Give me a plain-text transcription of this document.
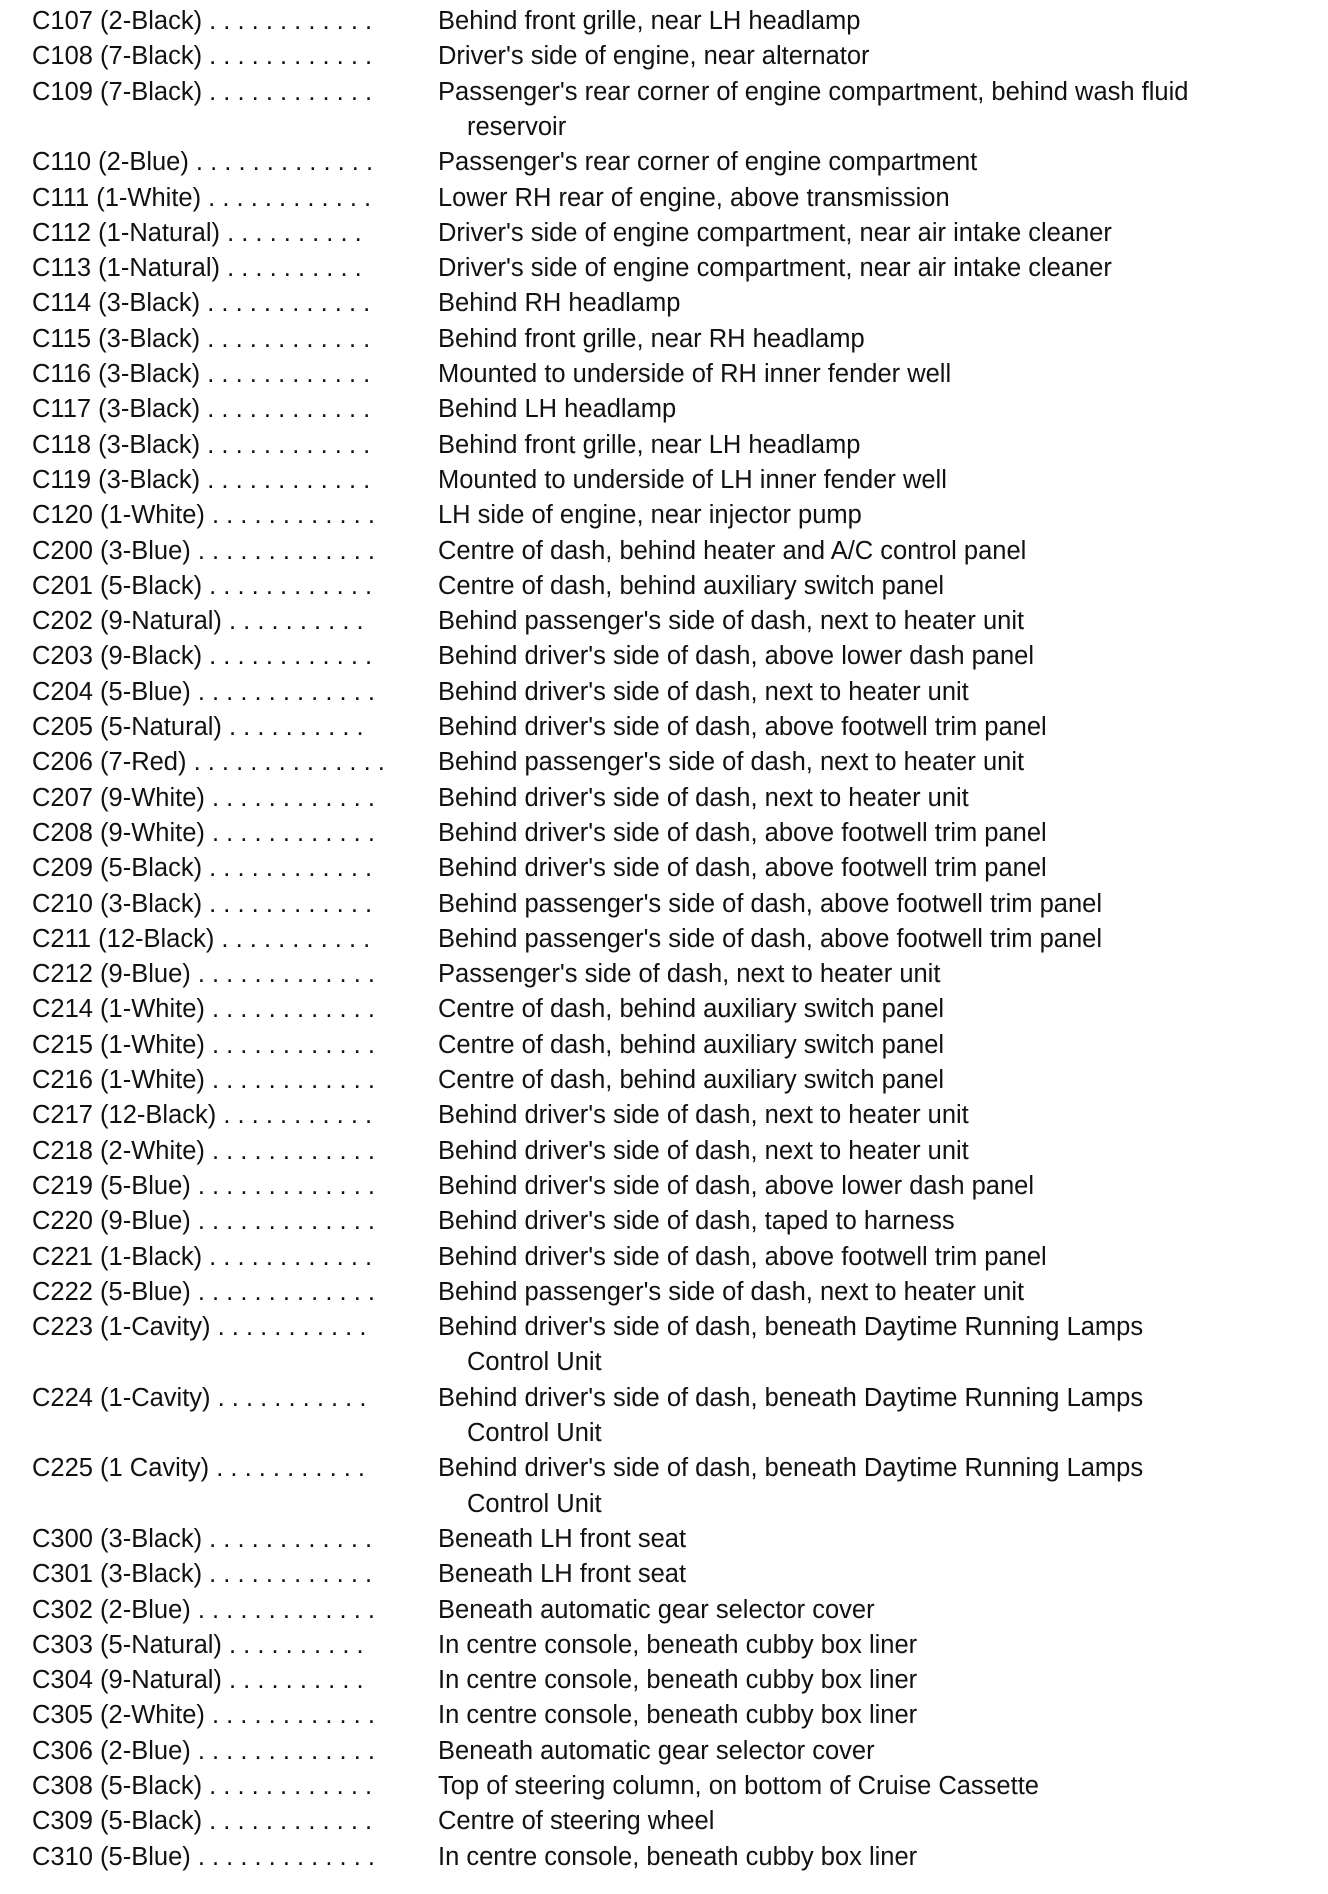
C107 (2-Black) . . . . . . . . . . . .	Behind front grille, near LH headlamp
C108 (7-Black) . . . . . . . . . . . .	Driver's side of engine, near alternator
C109 (7-Black) . . . . . . . . . . . .	Passenger's rear corner of engine compartment, behind wash fluid
reservoir
C110 (2-Blue) . . . . . . . . . . . . .	Passenger's rear corner of engine compartment
C111 (1-White) . . . . . . . . . . . .	Lower RH rear of engine, above transmission
C112 (1-Natural) . . . . . . . . . .	Driver's side of engine compartment, near air intake cleaner
C113 (1-Natural) . . . . . . . . . .	Driver's side of engine compartment, near air intake cleaner
C114 (3-Black) . . . . . . . . . . . .	Behind RH headlamp
C115 (3-Black) . . . . . . . . . . . .	Behind front grille, near RH headlamp
C116 (3-Black) . . . . . . . . . . . .	Mounted to underside of RH inner fender well
C117 (3-Black) . . . . . . . . . . . .	Behind LH headlamp
C118 (3-Black) . . . . . . . . . . . .	Behind front grille, near LH headlamp
C119 (3-Black) . . . . . . . . . . . .	Mounted to underside of LH inner fender well
C120 (1-White) . . . . . . . . . . . . LH side of engine, near injector pump
C200 (3-Blue) . . . . . . . . . . . . . Centre of dash, behind heater and A/C control panel
C201 (5-Black) . . . . . . . . . . . .	Centre of dash, behind auxiliary switch panel
C202 (9-Natural) . . . . . . . . . .	Behind passenger's side of dash, next to heater unit
C203 (9-Black) . . . . . . . . . . . .	Behind driver's side of dash, above lower dash panel
C204 (5-Blue) . . . . . . . . . . . . . Behind driver's side of dash, next to heater unit
C205 (5-Natural) . . . . . . . . . .	Behind driver's side of dash, above footwell trim panel
C206 (7-Red) . . . . . . . . . . . . . . Behind passenger's side of dash, next to heater unit
C207 (9-White) . . . . . . . . . . . . Behind driver's side of dash, next to heater unit
C208 (9-White) . . . . . . . . . . . . Behind driver's side of dash, above footwell trim panel
C209 (5-Black) . . . . . . . . . . . .	Behind driver's side of dash, above footwell trim panel
C210 (3-Black) . . . . . . . . . . . .	Behind passenger's side of dash, above footwell trim panel
C211 (12-Black) . . . . . . . . . . .	Behind passenger's side of dash, above footwell trim panel
C212 (9-Blue) . . . . . . . . . . . . . Passenger's side of dash, next to heater unit
C214 (1-White) . . . . . . . . . . . . Centre of dash, behind auxiliary switch panel
C215 (1-White) . . . . . . . . . . . . Centre of dash, behind auxiliary switch panel
C216 (1-White) . . . . . . . . . . . . Centre of dash, behind auxiliary switch panel
C217 (12-Black) . . . . . . . . . . .	Behind driver's side of dash, next to heater unit
C218 (2-White) . . . . . . . . . . . . Behind driver's side of dash, next to heater unit
C219 (5-Blue) . . . . . . . . . . . . . Behind driver's side of dash, above lower dash panel
C220 (9-Blue) . . . . . . . . . . . . . Behind driver's side of dash, taped to harness
C221 (1-Black) . . . . . . . . . . . .	Behind driver's side of dash, above footwell trim panel
C222 (5-Blue) . . . . . . . . . . . . . Behind passenger's side of dash, next to heater unit
C223 (1-Cavity) . . . . . . . . . . .	Behind driver's side of dash, beneath Daytime Running Lamps
Control Unit
C224 (1-Cavity) . . . . . . . . . . .	Behind driver's side of dash, beneath Daytime Running Lamps
Control Unit
C225 (1 Cavity) . . . . . . . . . . .	Behind driver's side of dash, beneath Daytime Running Lamps
Control Unit
C300 (3-Black) . . . . . . . . . . . .	Beneath LH front seat
C301 (3-Black) . . . . . . . . . . . .	Beneath LH front seat
C302 (2-Blue) . . . . . . . . . . . . . Beneath automatic gear selector cover
C303 (5-Natural) . . . . . . . . . .	In centre console, beneath cubby box liner
C304 (9-Natural) . . . . . . . . . .	In centre console, beneath cubby box liner
C305 (2-White) . . . . . . . . . . . . In centre console, beneath cubby box liner
C306 (2-Blue) . . . . . . . . . . . . . Beneath automatic gear selector cover
C308 (5-Black) . . . . . . . . . . . .	Top of steering column, on bottom of Cruise Cassette
C309 (5-Black) . . . . . . . . . . . .	Centre of steering wheel
C310 (5-Blue) . . . . . . . . . . . . . In centre console, beneath cubby box liner
